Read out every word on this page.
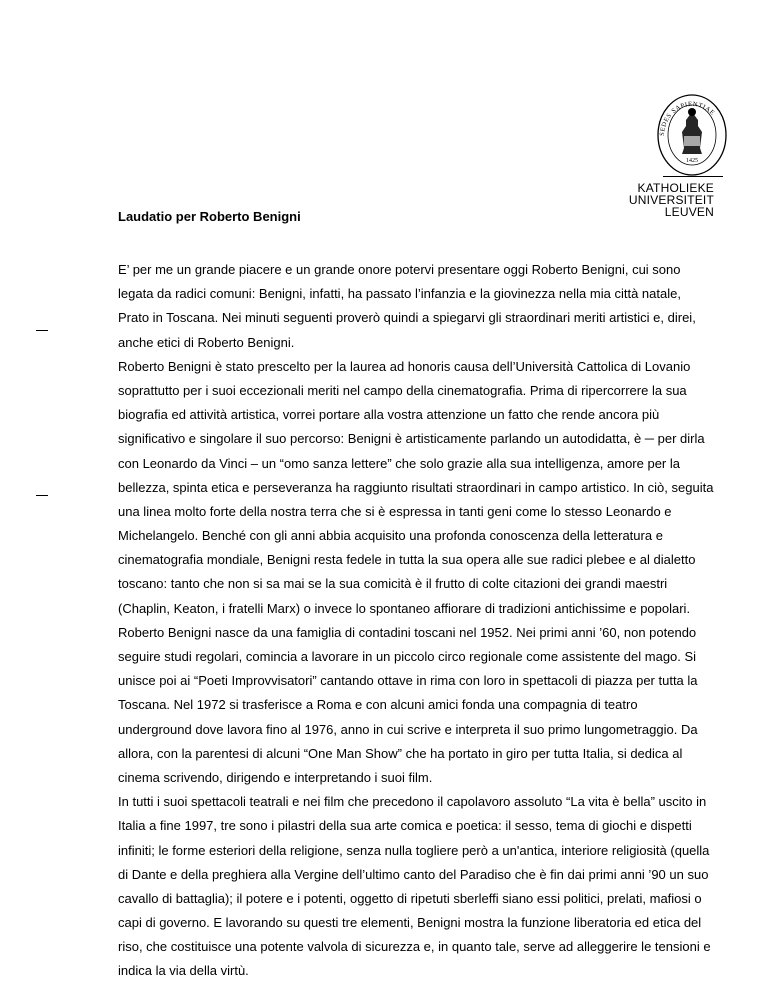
SEDES SAPIENTIAE
1425
KATHOLIEKE
UNIVERSITEIT
LEUVEN
Laudatio per Roberto Benigni
E’ per me un grande piacere e un grande onore potervi presentare oggi Roberto Benigni, cui sono
legata da radici comuni: Benigni, infatti, ha passato l’infanzia e la giovinezza nella mia città natale,
Prato in Toscana. Nei minuti seguenti proverò quindi a spiegarvi gli straordinari meriti artistici e, direi,
anche etici di Roberto Benigni.
Roberto Benigni è stato prescelto per la laurea ad honoris causa dell’Università Cattolica di Lovanio
soprattutto per i suoi eccezionali meriti nel campo della cinematografia. Prima di ripercorrere la sua
biografia ed attività artistica, vorrei portare alla vostra attenzione un fatto che rende ancora più
significativo e singolare il suo percorso: Benigni è artisticamente parlando un autodidatta, è ─ per dirla
con Leonardo da Vinci – un “omo sanza lettere” che solo grazie alla sua intelligenza, amore per la
bellezza, spinta etica e perseveranza ha raggiunto risultati straordinari in campo artistico. In ciò, seguita
una linea molto forte della nostra terra che si è espressa in tanti geni come lo stesso Leonardo e
Michelangelo. Benché con gli anni abbia acquisito una profonda conoscenza della letteratura e
cinematografia mondiale, Benigni resta fedele in tutta la sua opera alle sue radici plebee e al dialetto
toscano: tanto che non si sa mai se la sua comicità è il frutto di colte citazioni dei grandi maestri
(Chaplin, Keaton, i fratelli Marx) o invece lo spontaneo affiorare di tradizioni antichissime e popolari.
Roberto Benigni nasce da una famiglia di contadini toscani nel 1952. Nei primi anni ’60, non potendo
seguire studi regolari, comincia a lavorare in un piccolo circo regionale come assistente del mago. Si
unisce poi ai “Poeti Improvvisatori” cantando ottave in rima con loro in spettacoli di piazza per tutta la
Toscana. Nel 1972 si trasferisce a Roma e con alcuni amici fonda una compagnia di teatro
underground dove lavora fino al 1976, anno in cui scrive e interpreta il suo primo lungometraggio. Da
allora, con la parentesi di alcuni “One Man Show” che ha portato in giro per tutta Italia, si dedica al
cinema scrivendo, dirigendo e interpretando i suoi film.
In tutti i suoi spettacoli teatrali e nei film che precedono il capolavoro assoluto “La vita è bella” uscito in
Italia a fine 1997, tre sono i pilastri della sua arte comica e poetica: il sesso, tema di giochi e dispetti
infiniti; le forme esteriori della religione, senza nulla togliere però a un'antica, interiore religiosità (quella
di Dante e della preghiera alla Vergine dell’ultimo canto del Paradiso che è fin dai primi anni ’90 un suo
cavallo di battaglia); il potere e i potenti, oggetto di ripetuti sberleffi siano essi politici, prelati, mafiosi o
capi di governo. E lavorando su questi tre elementi, Benigni mostra la funzione liberatoria ed etica del
riso, che costituisce una potente valvola di sicurezza e, in quanto tale, serve ad alleggerire le tensioni e
indica la via della virtù.
